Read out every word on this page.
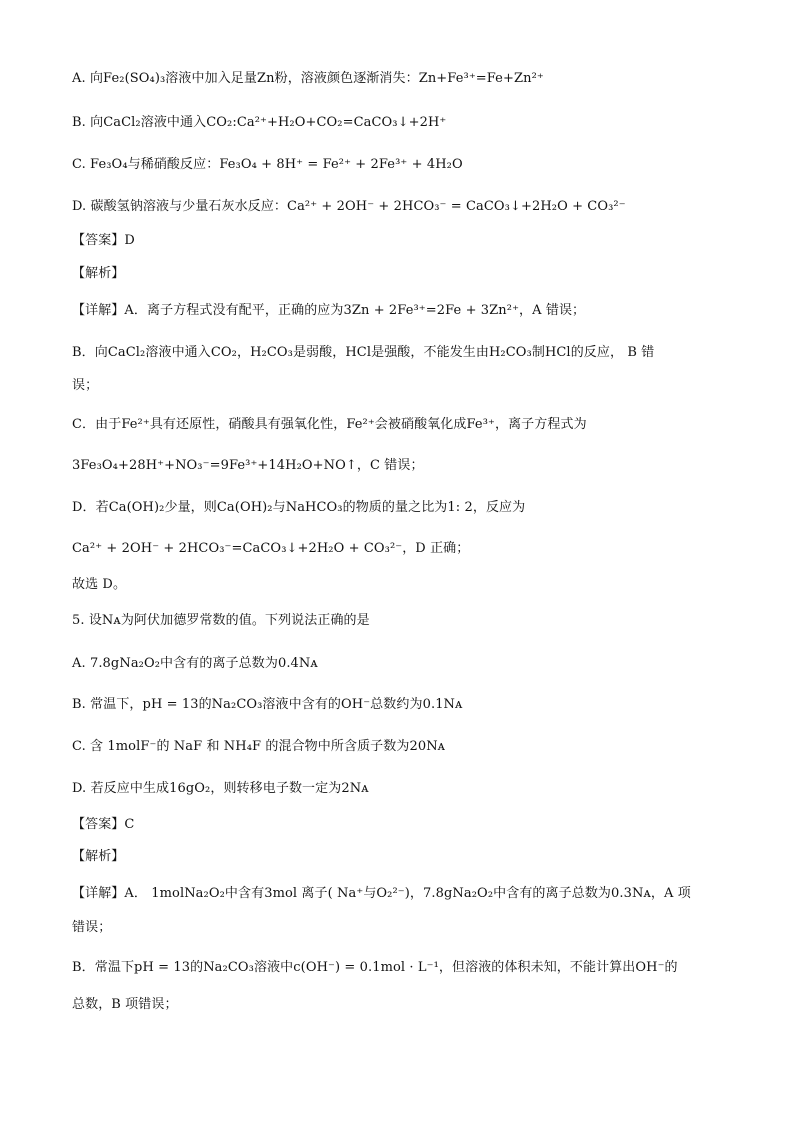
A. 向Fe₂(SO₄)₃溶液中加入足量Zn粉，溶液颜色逐渐消失：Zn+Fe³⁺=Fe+Zn²⁺
B. 向CaCl₂溶液中通入CO₂:Ca²⁺+H₂O+CO₂=CaCO₃↓+2H⁺
C. Fe₃O₄与稀硝酸反应：Fe₃O₄ + 8H⁺ = Fe²⁺ + 2Fe³⁺ + 4H₂O
D. 碳酸氢钠溶液与少量石灰水反应：Ca²⁺ + 2OH⁻ + 2HCO₃⁻ = CaCO₃↓+2H₂O + CO₃²⁻
【答案】D
【解析】
【详解】A．离子方程式没有配平，正确的应为3Zn + 2Fe³⁺=2Fe + 3Zn²⁺，A 错误；
B．向CaCl₂溶液中通入CO₂，H₂CO₃是弱酸，HCl是强酸，不能发生由H₂CO₃制HCl的反应， B 错
误；
C．由于Fe²⁺具有还原性，硝酸具有强氧化性，Fe²⁺会被硝酸氧化成Fe³⁺，离子方程式为
3Fe₃O₄+28H⁺+NO₃⁻=9Fe³⁺+14H₂O+NO↑，C 错误；
D．若Ca(OH)₂少量，则Ca(OH)₂与NaHCO₃的物质的量之比为1: 2，反应为
Ca²⁺ + 2OH⁻ + 2HCO₃⁻=CaCO₃↓+2H₂O + CO₃²⁻，D 正确；
故选 D。
5. 设Nᴀ为阿伏加德罗常数的值。下列说法正确的是
A. 7.8gNa₂O₂中含有的离子总数为0.4Nᴀ
B. 常温下，pH = 13的Na₂CO₃溶液中含有的OH⁻总数约为0.1Nᴀ
C. 含 1molF⁻的 NaF 和 NH₄F 的混合物中所含质子数为20Nᴀ
D. 若反应中生成16gO₂，则转移电子数一定为2Nᴀ
【答案】C
【解析】
【详解】A． 1molNa₂O₂中含有3mol 离子( Na⁺与O₂²⁻)，7.8gNa₂O₂中含有的离子总数为0.3Nᴀ，A 项
错误；
B．常温下pH = 13的Na₂CO₃溶液中c(OH⁻) = 0.1mol · L⁻¹，但溶液的体积未知，不能计算出OH⁻的
总数，B 项错误；
